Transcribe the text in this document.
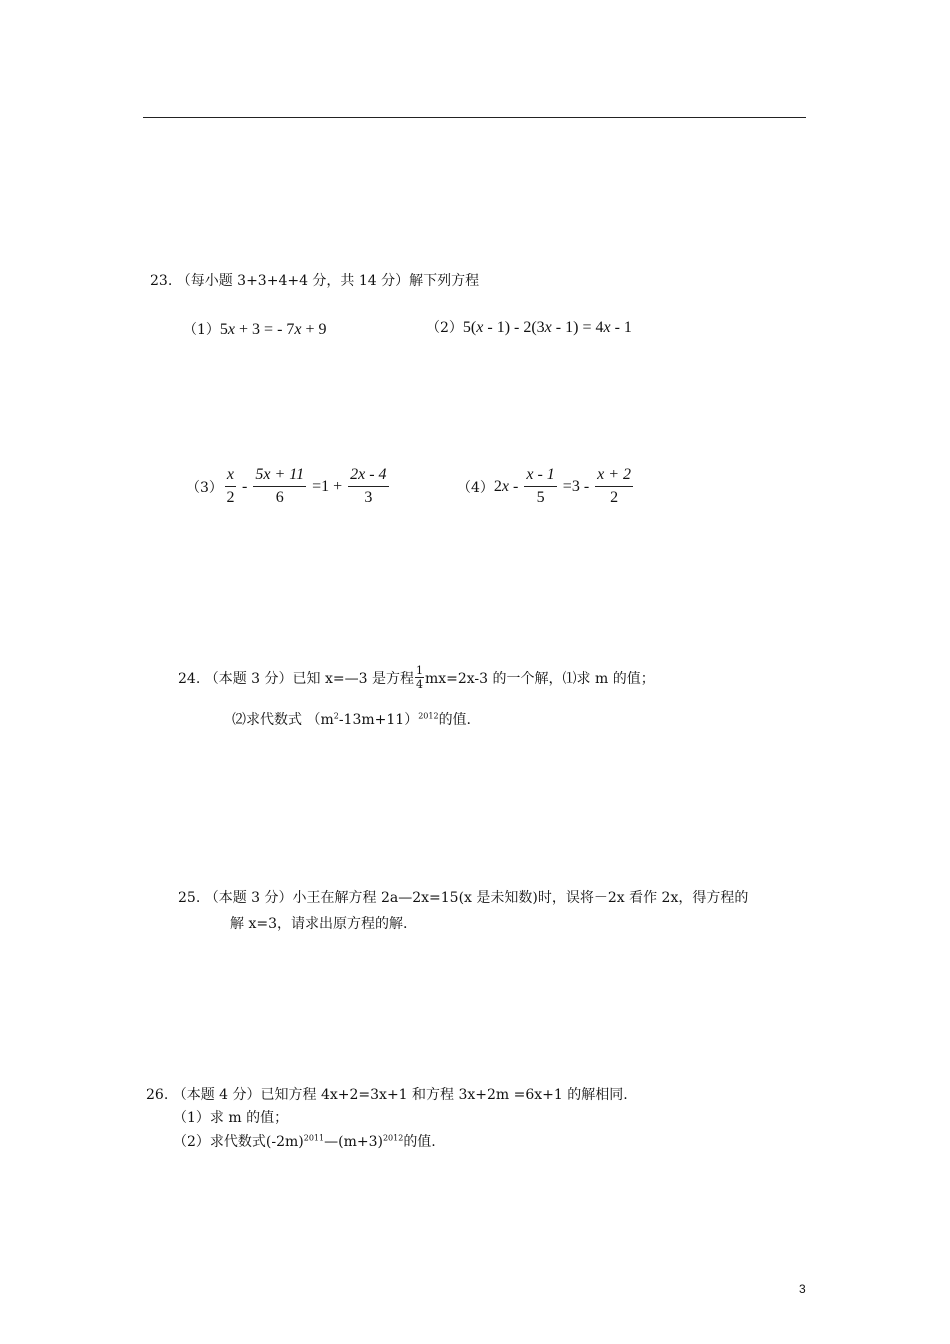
23. （每小题 3+3+4+4 分，共 14 分）解下列方程
（1）5x + 3 = - 7x + 9	（2）5(x - 1) - 2(3x - 1) = 4x - 1
$(3) \frac{x}{2} - \frac{5x + 11}{6} =1 + \frac{2x - 4}{3}$	（4） 2 $x - \frac{x - 1}{5} =3 - \frac{x + 2}{2}$
24. （本题 3 分）已知 x=—3 是方程 $\frac{1}{4} mx=2x-3$ 的一个解，⑴求 m 的值；
⑵求代数式 $(m^2-13m+11)^{2012}$的值.
25. （本题 3 分）小王在解方程 2a—2x=15(x 是未知数)时，误将－2x 看作 2x，得方程的
解 x=3，请求出原方程的解.
26. （本题 4 分）已知方程 4x+2=3x+1 和方程 3x+2m =6x+1 的解相同.
（1）求 m 的值；
（2）求代数式$(-2m)^{2011}—(m+3)^{2012}$的值.
3
